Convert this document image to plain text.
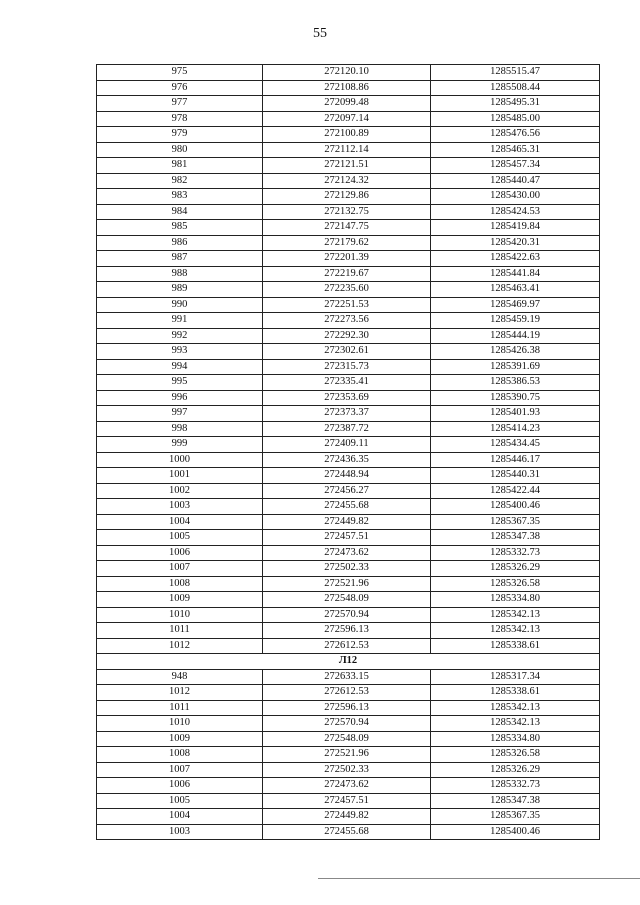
55
975	272120.10	1285515.47
976	272108.86	1285508.44
977	272099.48	1285495.31
978	272097.14	1285485.00
979	272100.89	1285476.56
980	272112.14	1285465.31
981	272121.51	1285457.34
982	272124.32	1285440.47
983	272129.86	1285430.00
984	272132.75	1285424.53
985	272147.75	1285419.84
986	272179.62	1285420.31
987	272201.39	1285422.63
988	272219.67	1285441.84
989	272235.60	1285463.41
990	272251.53	1285469.97
991	272273.56	1285459.19
992	272292.30	1285444.19
993	272302.61	1285426.38
994	272315.73	1285391.69
995	272335.41	1285386.53
996	272353.69	1285390.75
997	272373.37	1285401.93
998	272387.72	1285414.23
999	272409.11	1285434.45
1000	272436.35	1285446.17
1001	272448.94	1285440.31
1002	272456.27	1285422.44
1003	272455.68	1285400.46
1004	272449.82	1285367.35
1005	272457.51	1285347.38
1006	272473.62	1285332.73
1007	272502.33	1285326.29
1008	272521.96	1285326.58
1009	272548.09	1285334.80
1010	272570.94	1285342.13
1011	272596.13	1285342.13
1012	272612.53	1285338.61
Л12		
948	272633.15	1285317.34
1012	272612.53	1285338.61
1011	272596.13	1285342.13
1010	272570.94	1285342.13
1009	272548.09	1285334.80
1008	272521.96	1285326.58
1007	272502.33	1285326.29
1006	272473.62	1285332.73
1005	272457.51	1285347.38
1004	272449.82	1285367.35
1003	272455.68	1285400.46
